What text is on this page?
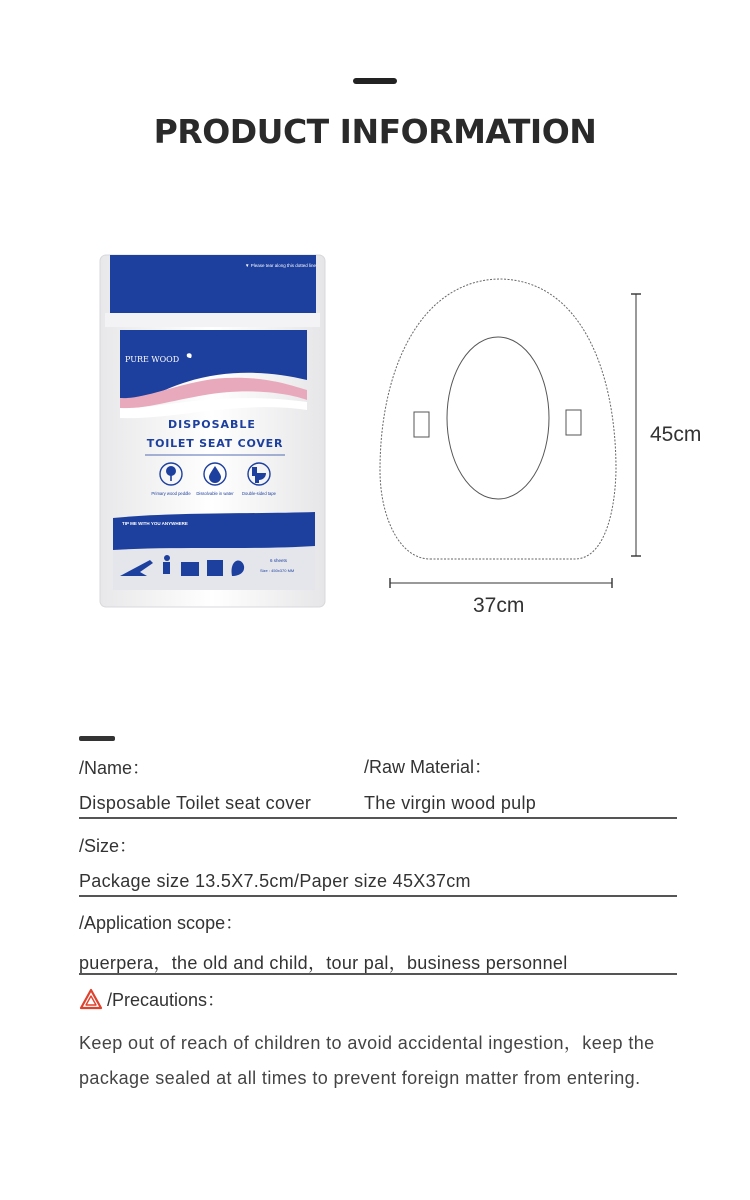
PRODUCT INFORMATION
▼ Please tear along this dotted line
PURE WOOD
DISPOSABLE
TOILET SEAT COVER
Primary wood peddle Dissolvable in water Double-sided tape
TIP ME WITH YOU ANYWHERE
6 sheets
Size : 450x370 MM
45cm
37cm
/Name：	/Raw Material：
Disposable Toilet seat cover	The virgin wood pulp
/Size：
Package size 13.5X7.5cm/Paper size 45X37cm
/Application scope：
puerpera，the old and child，tour pal，business personnel
/Precautions：
Keep out of reach of children to avoid accidental ingestion，keep the package sealed at all times to prevent foreign matter from entering.
